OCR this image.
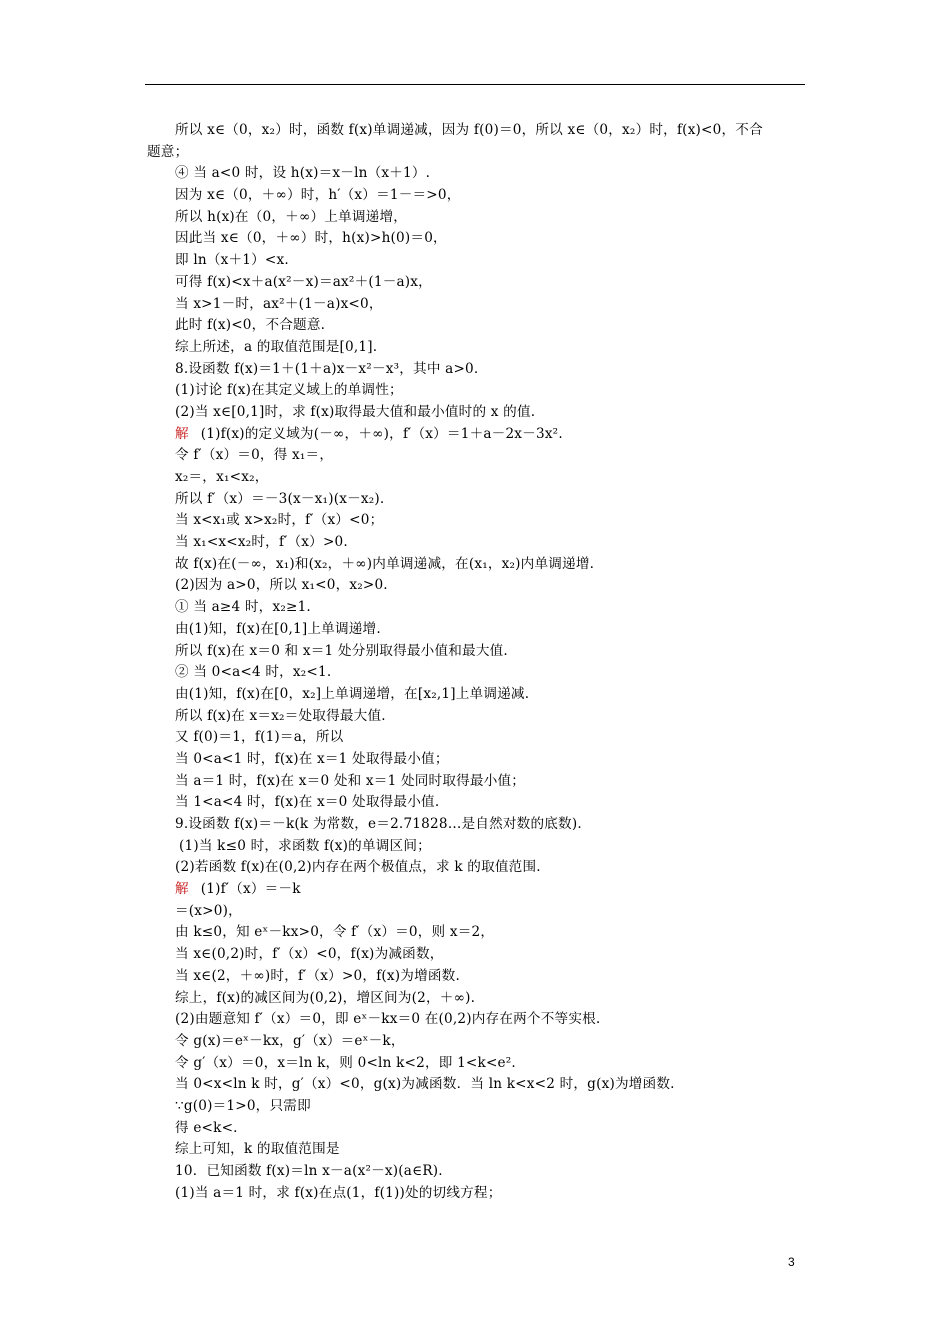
所以 x∈（0，x₂）时，函数 f(x)单调递减，因为 f(0)＝0，所以 x∈（0，x₂）时，f(x)<0，不合
题意；
④ 当 a<0 时，设 h(x)＝x－ln（x＋1）.
因为 x∈（0，＋∞）时，h′（x）＝1－＝>0，
所以 h(x)在（0，＋∞）上单调递增，
因此当 x∈（0，＋∞）时，h(x)>h(0)＝0，
即 ln（x＋1）<x.
可得 f(x)<x＋a(x²－x)＝ax²＋(1－a)x，
当 x>1－时，ax²＋(1－a)x<0，
此时 f(x)<0，不合题意.
综上所述，a 的取值范围是[0,1].
8.设函数 f(x)＝1＋(1＋a)x－x²－x³，其中 a>0.
(1)讨论 f(x)在其定义域上的单调性；
(2)当 x∈[0,1]时，求 f(x)取得最大值和最小值时的 x 的值.
解 (1)f(x)的定义域为(－∞，＋∞)，f′（x）＝1＋a－2x－3x².
令 f′（x）＝0，得 x₁＝，
x₂＝，x₁<x₂，
所以 f′（x）＝－3(x－x₁)(x－x₂).
当 x<x₁或 x>x₂时，f′（x）<0；
当 x₁<x<x₂时，f′（x）>0.
故 f(x)在(－∞，x₁)和(x₂，＋∞)内单调递减，在(x₁，x₂)内单调递增.
(2)因为 a>0，所以 x₁<0，x₂>0.
① 当 a≥4 时，x₂≥1.
由(1)知，f(x)在[0,1]上单调递增.
所以 f(x)在 x＝0 和 x＝1 处分别取得最小值和最大值.
② 当 0<a<4 时，x₂<1.
由(1)知，f(x)在[0，x₂]上单调递增，在[x₂,1]上单调递减.
所以 f(x)在 x＝x₂＝处取得最大值.
又 f(0)＝1，f(1)＝a，所以
当 0<a<1 时，f(x)在 x＝1 处取得最小值；
当 a＝1 时，f(x)在 x＝0 处和 x＝1 处同时取得最小值；
当 1<a<4 时，f(x)在 x＝0 处取得最小值.
9.设函数 f(x)＝－k(k 为常数，e＝2.71828…是自然对数的底数).
(1)当 k≤0 时，求函数 f(x)的单调区间；
(2)若函数 f(x)在(0,2)内存在两个极值点，求 k 的取值范围.
解 (1)f′（x）＝－k
＝(x>0)，
由 k≤0，知 eˣ－kx>0，令 f′（x）＝0，则 x＝2，
当 x∈(0,2)时，f′（x）<0，f(x)为减函数，
当 x∈(2，＋∞)时，f′（x）>0，f(x)为增函数.
综上，f(x)的减区间为(0,2)，增区间为(2，＋∞).
(2)由题意知 f′（x）＝0，即 eˣ－kx＝0 在(0,2)内存在两个不等实根.
令 g(x)＝eˣ－kx，g′（x）＝eˣ－k，
令 g′（x）＝0，x＝ln k，则 0<ln k<2，即 1<k<e².
当 0<x<ln k 时，g′（x）<0，g(x)为减函数．当 ln k<x<2 时，g(x)为增函数.
∵g(0)＝1>0，只需即
得 e<k<.
综上可知，k 的取值范围是
10．已知函数 f(x)＝ln x－a(x²－x)(a∈R).
(1)当 a＝1 时，求 f(x)在点(1，f(1))处的切线方程；
3
